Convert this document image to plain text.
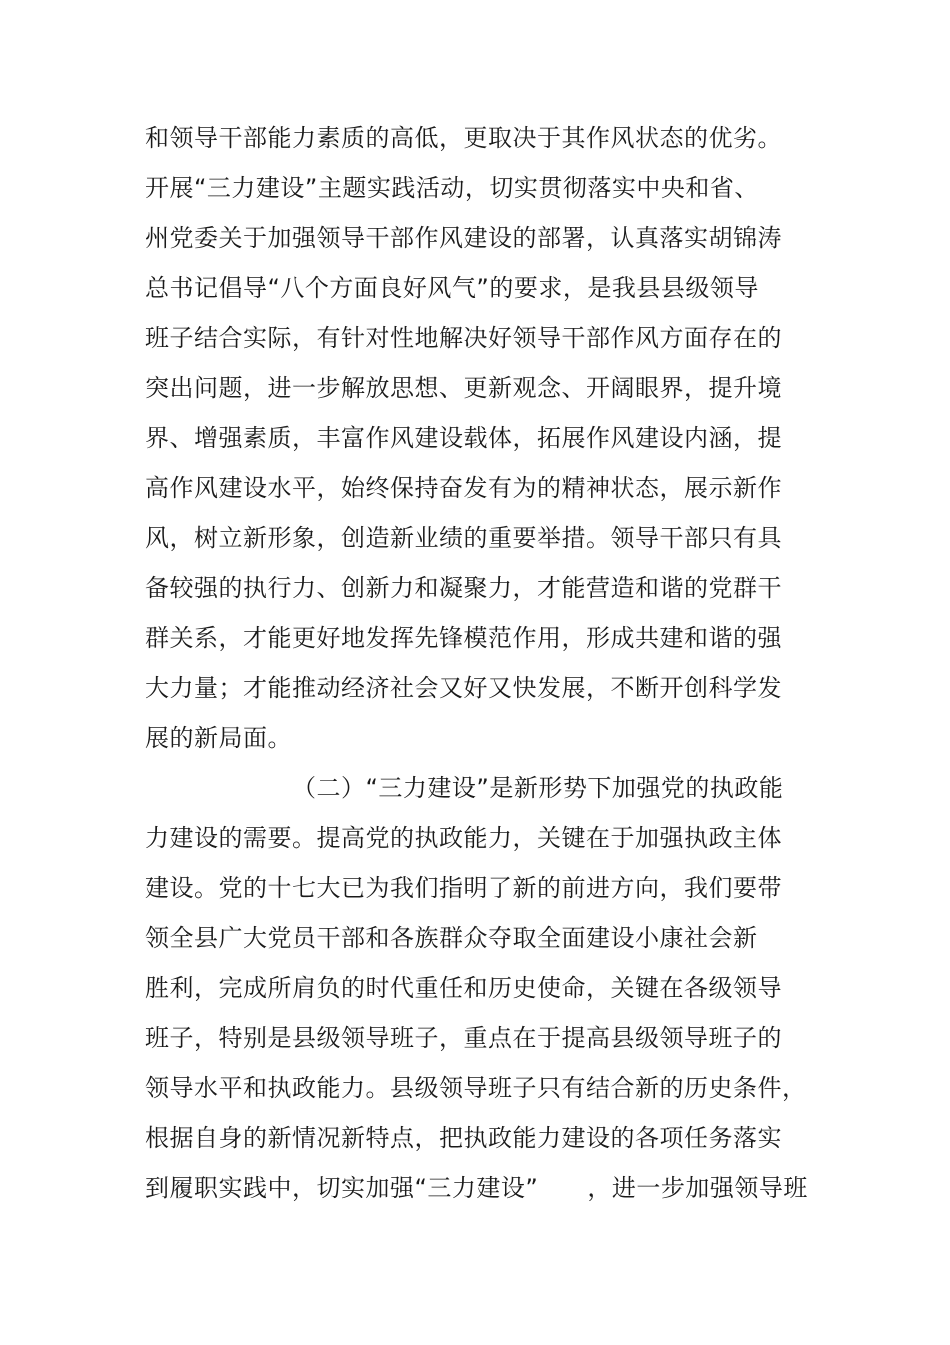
和领导干部能力素质的高低，更取决于其作风状态的优劣。

开展“三力建设”主题实践活动，切实贯彻落实中央和省、

州党委关于加强领导干部作风建设的部署，认真落实胡锦涛

总书记倡导“八个方面良好风气”的要求，是我县县级领导

班子结合实际，有针对性地解决好领导干部作风方面存在的

突出问题，进一步解放思想、更新观念、开阔眼界，提升境

界、增强素质，丰富作风建设载体，拓展作风建设内涵，提

高作风建设水平，始终保持奋发有为的精神状态，展示新作

风，树立新形象，创造新业绩的重要举措。领导干部只有具

备较强的执行力、创新力和凝聚力，才能营造和谐的党群干

群关系，才能更好地发挥先锋模范作用，形成共建和谐的强

大力量；才能推动经济社会又好又快发展，不断开创科学发

展的新局面。

（二）“三力建设”是新形势下加强党的执政能

力建设的需要。提高党的执政能力，关键在于加强执政主体

建设。党的十七大已为我们指明了新的前进方向，我们要带

领全县广大党员干部和各族群众夺取全面建设小康社会新

胜利，完成所肩负的时代重任和历史使命，关键在各级领导

班子，特别是县级领导班子，重点在于提高县级领导班子的

领导水平和执政能力。县级领导班子只有结合新的历史条件，

根据自身的新情况新特点，把执政能力建设的各项任务落实

到履职实践中，切实加强“三力建设”　　，进一步加强领导班
